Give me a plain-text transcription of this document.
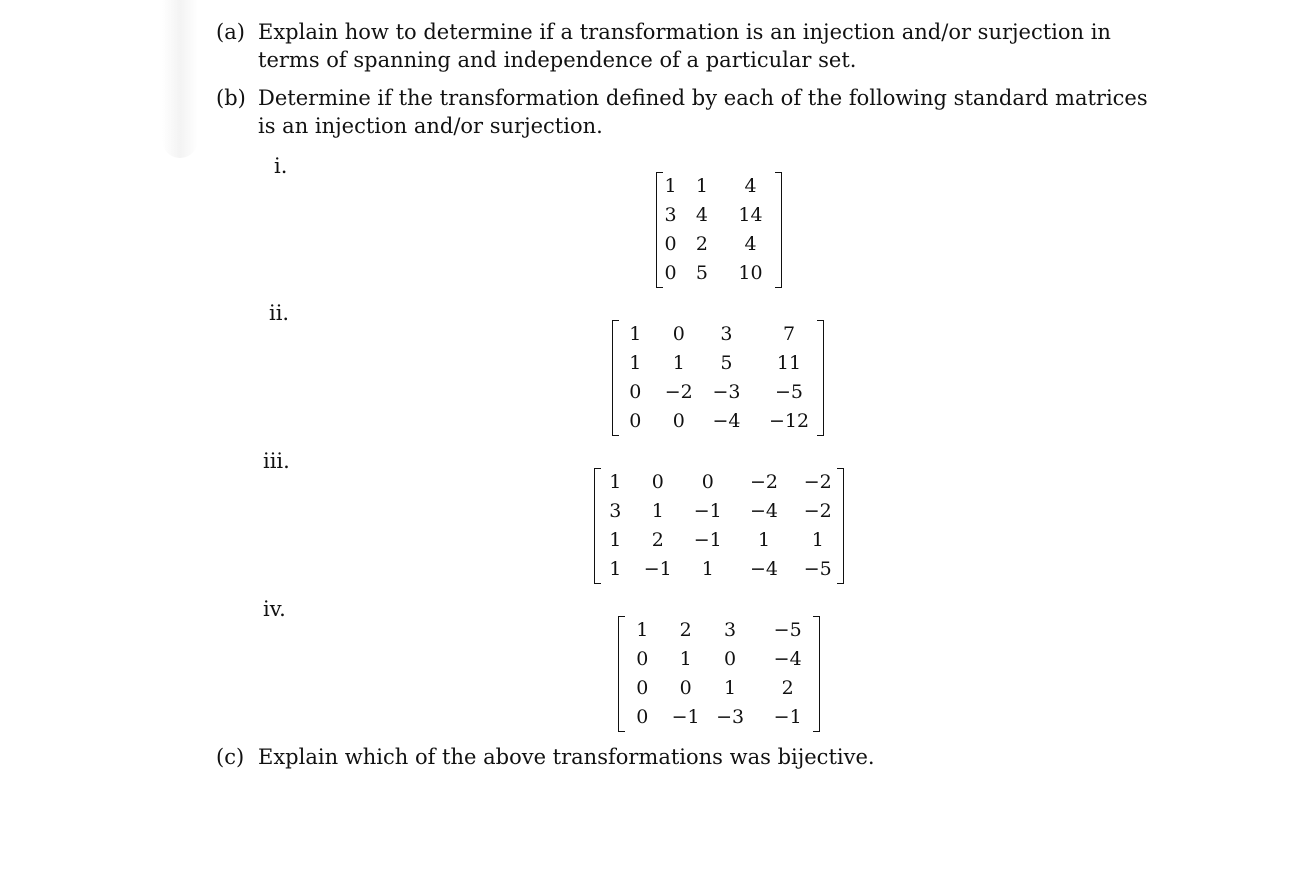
(a) Explain how to determine if a transformation is an injection and/or surjection in terms of spanning and independence of a particular set.
(b) Determine if the transformation defined by each of the following standard matrices is an injection and/or surjection.
i.
ii.
iii.
iv.
1	1	4
3	4	14
0	2	4
0	5	10
1	0	3	7
1	1	5	11
0	−2	−3	−5
0	0	−4	−12
1	0	0	−2	−2
3	1	−1	−4	−2
1	2	−1	1	1
1	−1	1	−4	−5
1	2	3	−5
0	1	0	−4
0	0	1	2
0	−1	−3	−1
(c) Explain which of the above transformations was bijective.
